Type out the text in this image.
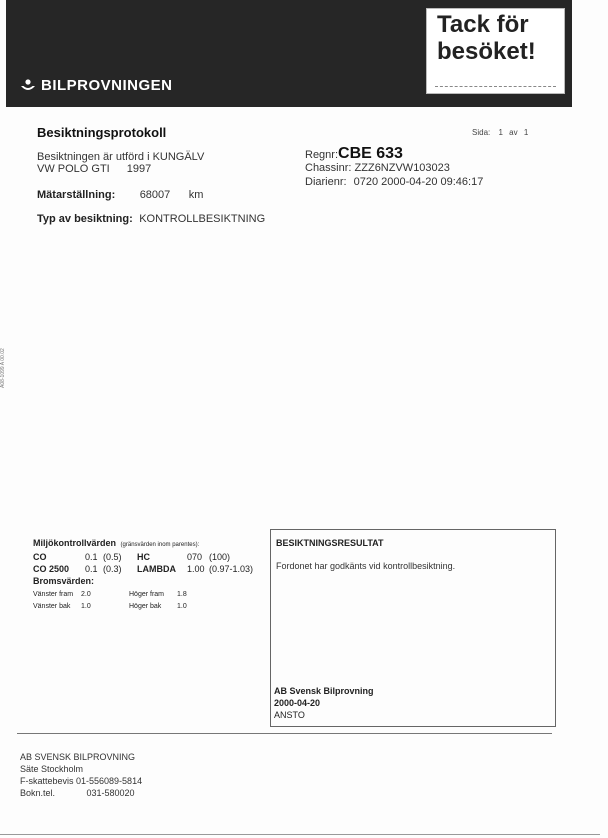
BILPROVNINGEN
Tack för
besöket!
Besiktningsprotokoll	Sida: 1 av 1
Besiktningen är utförd i KUNGÄLV
VW POLO GTI 1997
Mätarställning: 68007 km
Typ av besiktning: KONTROLLBESIKTNING
Regnr:CBE 633
Chassinr: ZZZ6NZVW103023
Diarienr: 0720 2000-04-20 09:46:17
A08-1099 A 00.02
Miljökontrollvärden (gränsvärden inom parentes):
CO	0.1 (0.5)	HC	070 (100)
CO 2500	0.1 (0.3)	LAMBDA	1.00 (0.97-1.03)
Bromsvärden:
Vänster fram	2.0	Höger fram	1.8
Vänster bak	1.0	Höger bak	1.0
BESIKTNINGSRESULTAT
Fordonet har godkänts vid kontrollbesiktning.
AB Svensk Bilprovning
2000-04-20
ANSTO
AB SVENSK BILPROVNING
Säte Stockholm
F-skattebevis 01-556089-5814
Bokn.tel.	031-580020
